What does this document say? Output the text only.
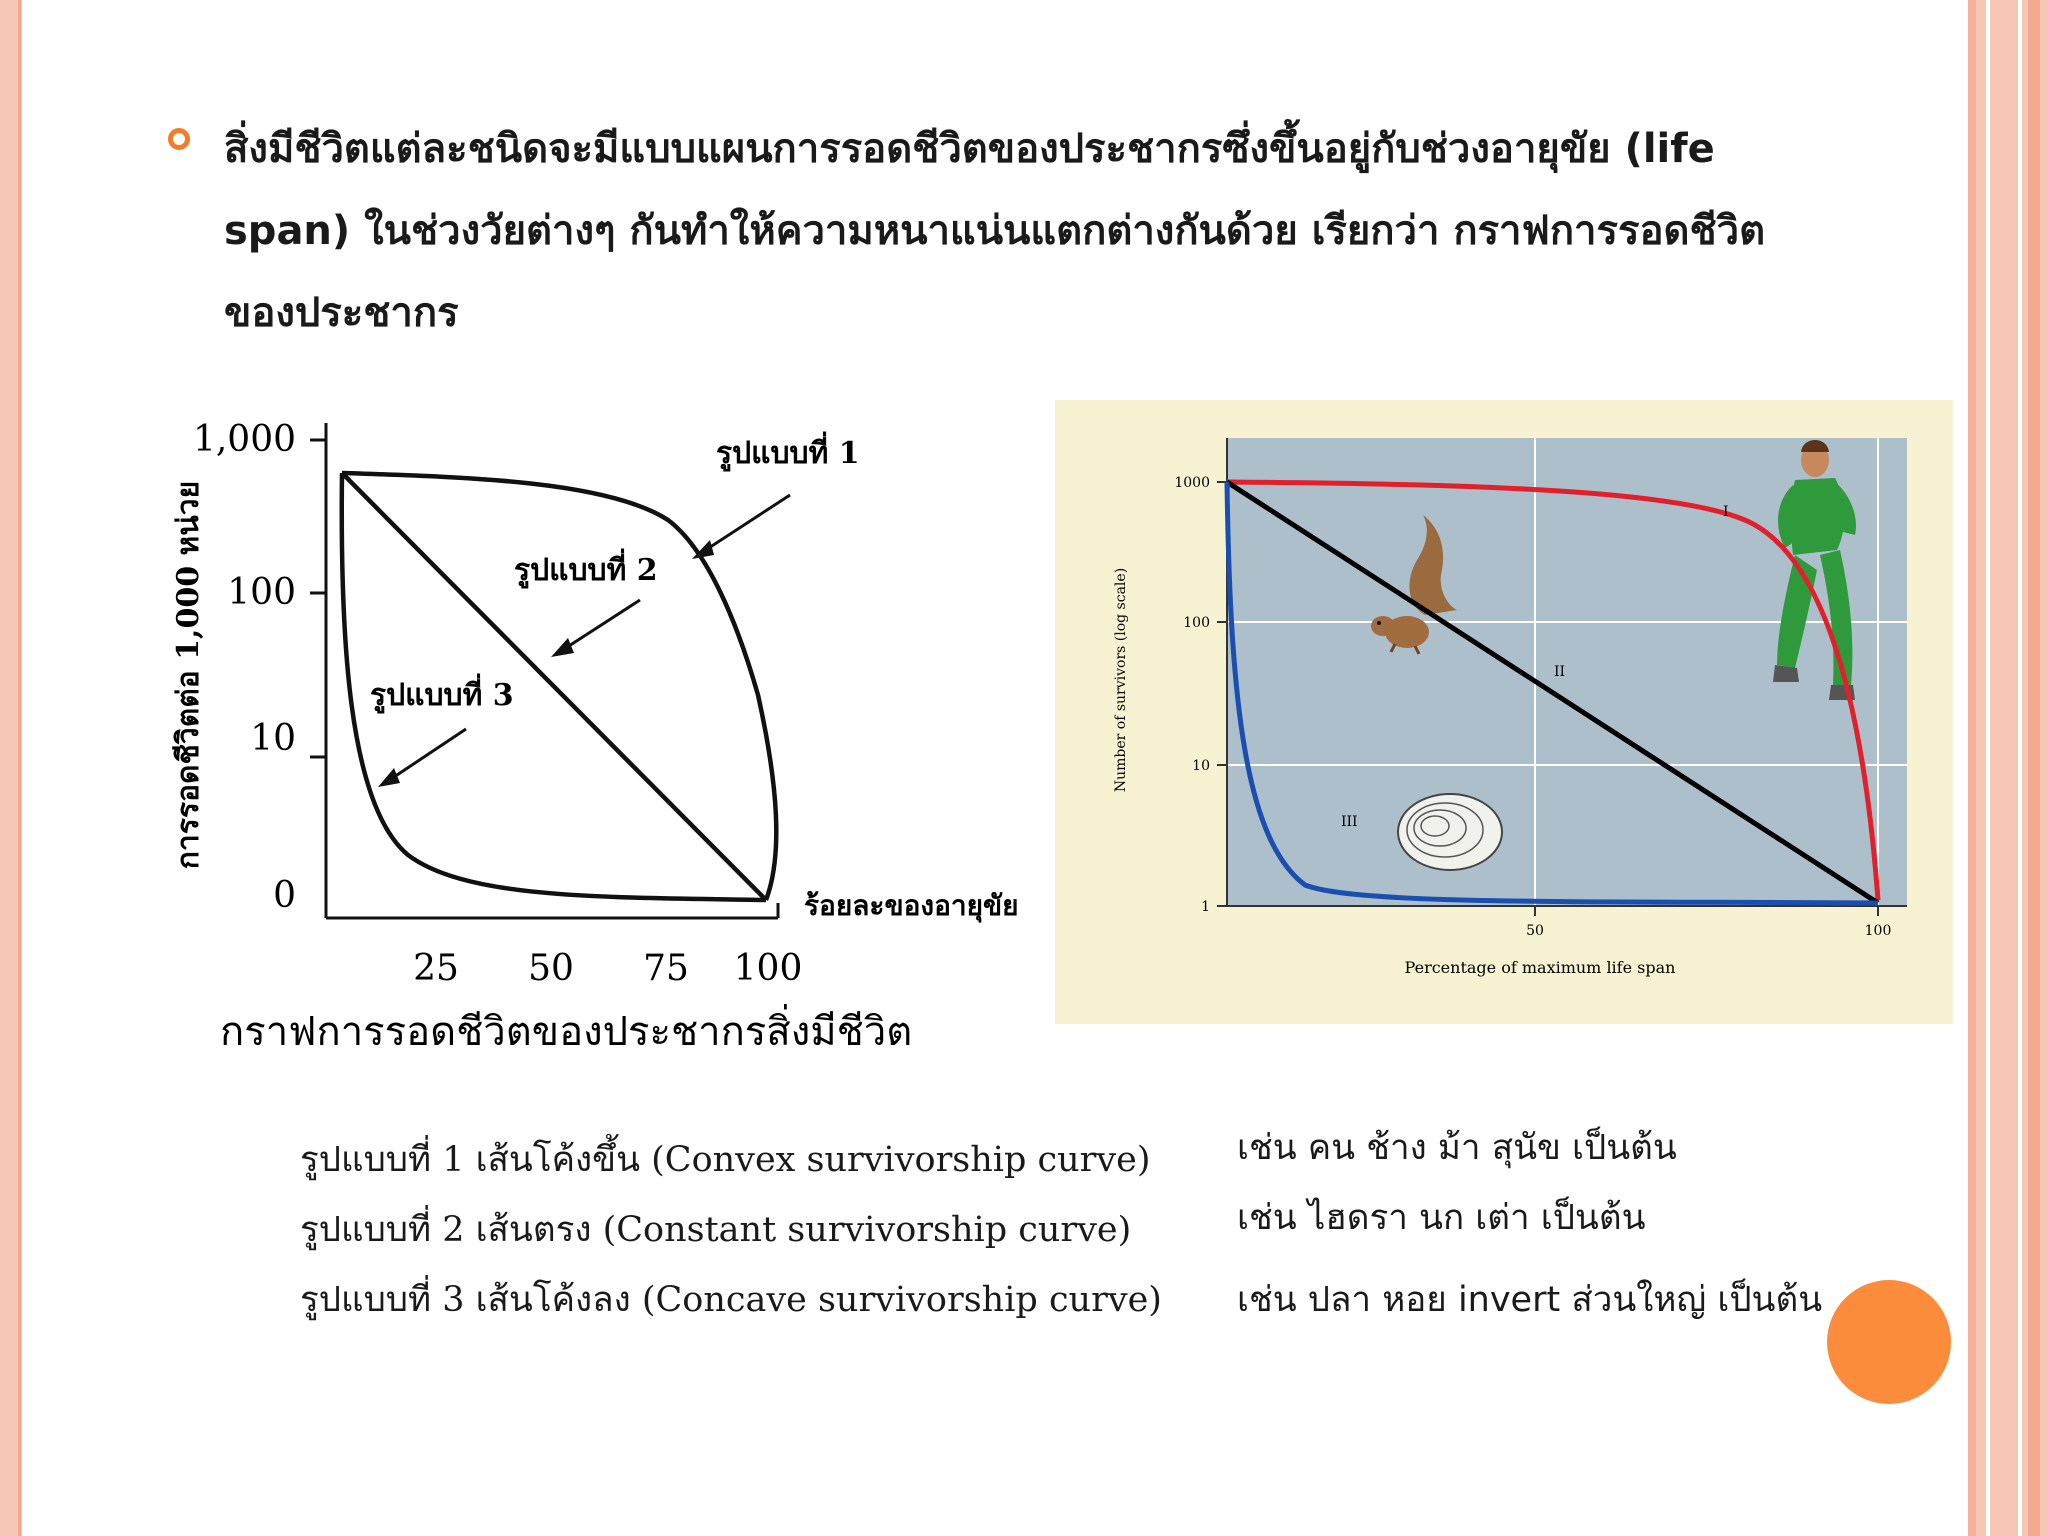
สิ่งมีชีวิตแต่ละชนิดจะมีแบบแผนการรอดชีวิตของประชากรซึ่งขึ้นอยู่กับช่วงอายุขัย (life span) ในช่วงวัยต่างๆ กันทำให้ความหนาแน่นแตกต่างกันด้วย เรียกว่า กราฟการรอดชีวิตของประชากร
1,000
100
10
0
25 50 75 100
ร้อยละของอายุขัย
การรอดชีวิตต่อ 1,000 หน่วย
รูปแบบที่ 1
รูปแบบที่ 2
รูปแบบที่ 3
กราฟการรอดชีวิตของประชากรสิ่งมีชีวิต
1000
100
10
1
50	100
Percentage of maximum life span
Number of survivors (log scale)
I
II
III
รูปแบบที่ 1 เส้นโค้งขึ้น (Convex survivorship curve)
รูปแบบที่ 2 เส้นตรง (Constant survivorship curve)
รูปแบบที่ 3 เส้นโค้งลง (Concave survivorship curve)
เช่น คน ช้าง ม้า สุนัข เป็นต้น
เช่น ไฮดรา นก เต่า เป็นต้น
เช่น ปลา หอย invert ส่วนใหญ่ เป็นต้น
